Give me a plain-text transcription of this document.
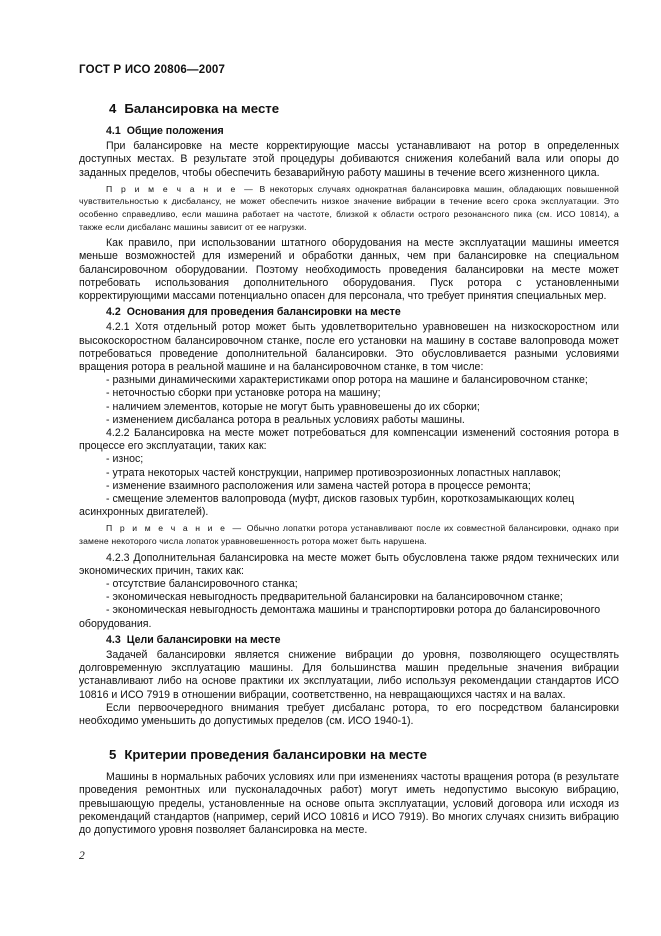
ГОСТ Р ИСО 20806—2007

4 Балансировка на месте

4.1 Общие положения

При балансировке на месте корректирующие массы устанавливают на ротор в определенных доступных местах. В результате этой процедуры добиваются снижения колебаний вала или опоры до заданных пределов, чтобы обеспечить безаварийную работу машины в течение всего жизненного цикла.

П р и м е ч а н и е — В некоторых случаях однократная балансировка машин, обладающих повышенной чувствительностью к дисбалансу, не может обеспечить низкое значение вибрации в течение всего срока эксплуатации. Это особенно справедливо, если машина работает на частоте, близкой к области острого резонансного пика (см. ИСО 10814), а также если дисбаланс машины зависит от ее нагрузки.

Как правило, при использовании штатного оборудования на месте эксплуатации машины имеется меньше возможностей для измерений и обработки данных, чем при балансировке на специальном балансировочном оборудовании. Поэтому необходимость проведения балансировки на месте может потребовать использования дополнительного оборудования. Пуск ротора с установленными корректирующими массами потенциально опасен для персонала, что требует принятия специальных мер.

4.2 Основания для проведения балансировки на месте

4.2.1 Хотя отдельный ротор может быть удовлетворительно уравновешен на низкоскоростном или высокоскоростном балансировочном станке, после его установки на машину в составе валопровода может потребоваться проведение дополнительной балансировки. Это обусловливается разными условиями вращения ротора в реальной машине и на балансировочном станке, в том числе:

- разными динамическими характеристиками опор ротора на машине и балансировочном станке;

- неточностью сборки при установке ротора на машину;

- наличием элементов, которые не могут быть уравновешены до их сборки;

- изменением дисбаланса ротора в реальных условиях работы машины.

4.2.2 Балансировка на месте может потребоваться для компенсации изменений состояния ротора в процессе его эксплуатации, таких как:

- износ;

- утрата некоторых частей конструкции, например противоэрозионных лопастных наплавок;

- изменение взаимного расположения или замена частей ротора в процессе ремонта;

- смещение элементов валопровода (муфт, дисков газовых турбин, короткозамыкающих колец асинхронных двигателей).

П р и м е ч а н и е — Обычно лопатки ротора устанавливают после их совместной балансировки, однако при замене некоторого числа лопаток уравновешенность ротора может быть нарушена.

4.2.3 Дополнительная балансировка на месте может быть обусловлена также рядом технических или экономических причин, таких как:

- отсутствие балансировочного станка;

- экономическая невыгодность предварительной балансировки на балансировочном станке;

- экономическая невыгодность демонтажа машины и транспортировки ротора до балансировочного оборудования.

4.3 Цели балансировки на месте

Задачей балансировки является снижение вибрации до уровня, позволяющего осуществлять долговременную эксплуатацию машины. Для большинства машин предельные значения вибрации устанавливают либо на основе практики их эксплуатации, либо используя рекомендации стандартов ИСО 10816 и ИСО 7919 в отношении вибрации, соответственно, на невращающихся частях и на валах.

Если первоочередного внимания требует дисбаланс ротора, то его посредством балансировки необходимо уменьшить до допустимых пределов (см. ИСО 1940-1).

5 Критерии проведения балансировки на месте

Машины в нормальных рабочих условиях или при изменениях частоты вращения ротора (в результате проведения ремонтных или пусконаладочных работ) могут иметь недопустимо высокую вибрацию, превышающую пределы, установленные на основе опыта эксплуатации, условий договора или исходя из рекомендаций стандартов (например, серий ИСО 10816 и ИСО 7919). Во многих случаях снизить вибрацию до допустимого уровня позволяет балансировка на месте.

2
